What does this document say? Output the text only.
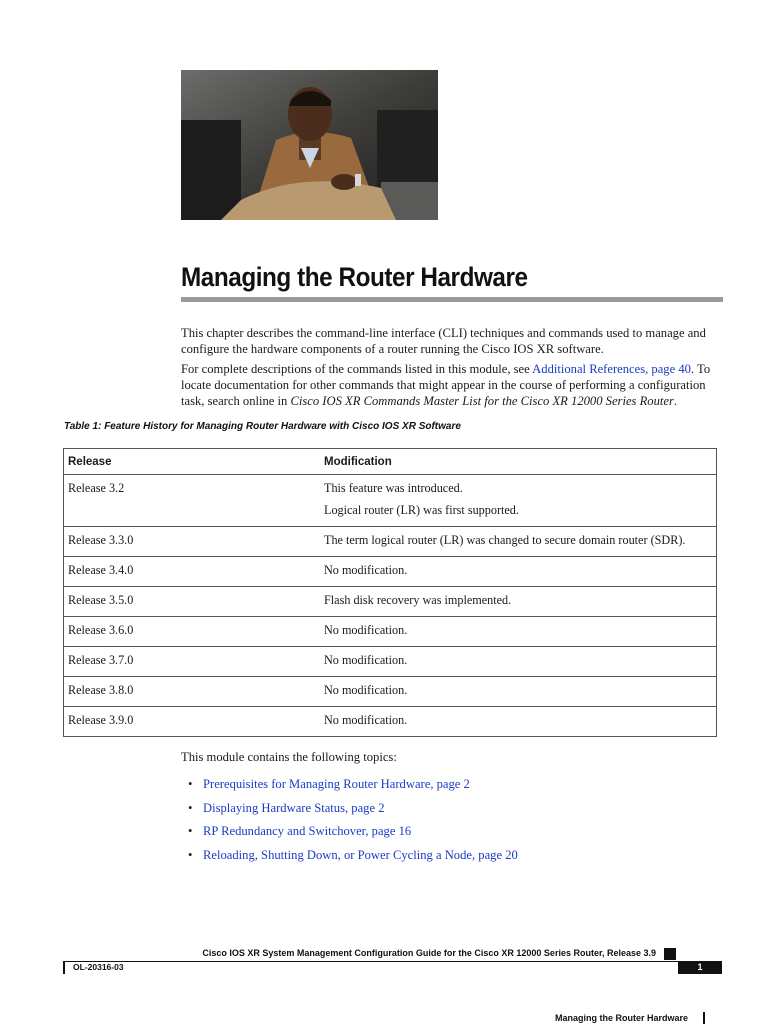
Managing the Router Hardware

This chapter describes the command-line interface (CLI) techniques and commands used to manage and configure the hardware components of a router running the Cisco IOS XR software.

For complete descriptions of the commands listed in this module, see Additional References, page 40. To locate documentation for other commands that might appear in the course of performing a configuration task, search online in Cisco IOS XR Commands Master List for the Cisco XR 12000 Series Router.

Table 1: Feature History for Managing Router Hardware with Cisco IOS XR Software

Release	Modification
Release 3.2	This feature was introduced.
Logical router (LR) was first supported.

Release 3.3.0	The term logical router (LR) was changed to secure domain router (SDR).
Release 3.4.0	No modification.
Release 3.5.0	Flash disk recovery was implemented.
Release 3.6.0	No modification.
Release 3.7.0	No modification.
Release 3.8.0	No modification.
Release 3.9.0	No modification.

This module contains the following topics:

• Prerequisites for Managing Router Hardware, page 2
• Displaying Hardware Status, page 2
• RP Redundancy and Switchover, page 16
• Reloading, Shutting Down, or Power Cycling a Node, page 20

Cisco IOS XR System Management Configuration Guide for the Cisco XR 12000 Series Router, Release 3.9

OL-20316-03	1

Managing the Router Hardware
